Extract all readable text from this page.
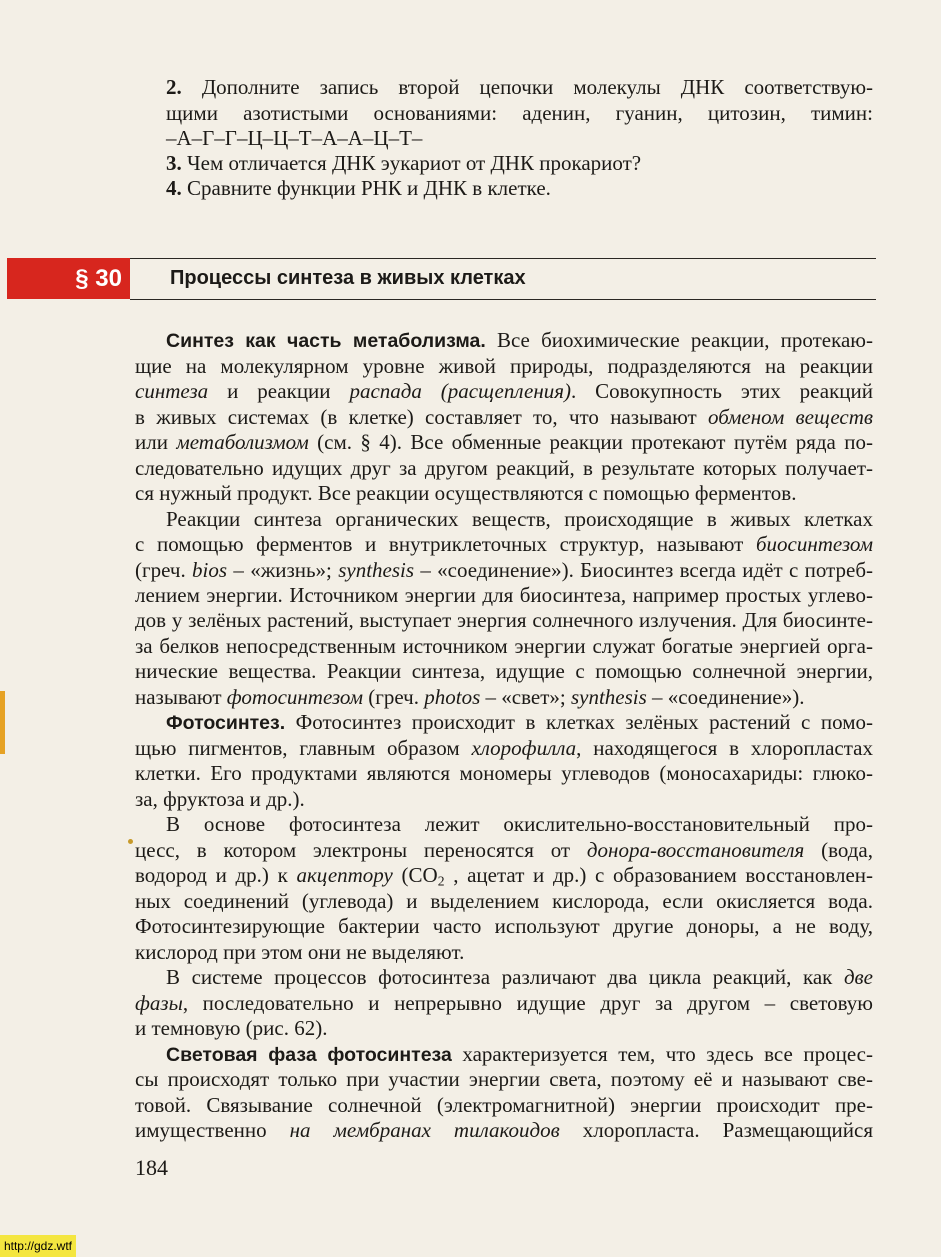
2. Дополните запись второй цепочки молекулы ДНК соответствую-
щими азотистыми основаниями: аденин, гуанин, цитозин, тимин:
–А–Г–Г–Ц–Ц–Т–А–А–Ц–Т–
3. Чем отличается ДНК эукариот от ДНК прокариот?
4. Сравните функции РНК и ДНК в клетке.
§ 30	Процессы синтеза в живых клетках
Синтез как часть метаболизма. Все биохимические реакции, протекаю-
щие на молекулярном уровне живой природы, подразделяются на реакции
синтеза и реакции распада (расщепления). Совокупность этих реакций
в живых системах (в клетке) составляет то, что называют обменом веществ
или метаболизмом (см. § 4). Все обменные реакции протекают путём ряда по-
следовательно идущих друг за другом реакций, в результате которых получает-
ся нужный продукт. Все реакции осуществляются с помощью ферментов.
Реакции синтеза органических веществ, происходящие в живых клетках
с помощью ферментов и внутриклеточных структур, называют биосинтезом
(греч. bios – «жизнь»; synthesis – «соединение»). Биосинтез всегда идёт с потреб-
лением энергии. Источником энергии для биосинтеза, например простых углево-
дов у зелёных растений, выступает энергия солнечного излучения. Для биосинте-
за белков непосредственным источником энергии служат богатые энергией орга-
нические вещества. Реакции синтеза, идущие с помощью солнечной энергии,
называют фотосинтезом (греч. photos – «свет»; synthesis – «соединение»).
Фотосинтез. Фотосинтез происходит в клетках зелёных растений с помо-
щью пигментов, главным образом хлорофилла, находящегося в хлоропластах
клетки. Его продуктами являются мономеры углеводов (моносахариды: глюко-
за, фруктоза и др.).
В основе фотосинтеза лежит окислительно-восстановительный про-
цесс, в котором электроны переносятся от донора-восстановителя (вода,
водород и др.) к акцептору ($CO_2$ , ацетат и др.) с образованием восстановлен-
ных соединений (углевода) и выделением кислорода, если окисляется вода.
Фотосинтезирующие бактерии часто используют другие доноры, а не воду,
кислород при этом они не выделяют.
В системе процессов фотосинтеза различают два цикла реакций, как две
фазы, последовательно и непрерывно идущие друг за другом – световую
и темновую (рис. 62).
Световая фаза фотосинтеза характеризуется тем, что здесь все процес-
сы происходят только при участии энергии света, поэтому её и называют све-
товой. Связывание солнечной (электромагнитной) энергии происходит пре-
имущественно на мембранах тилакоидов хлоропласта. Размещающийся
184
http://gdz.wtf
